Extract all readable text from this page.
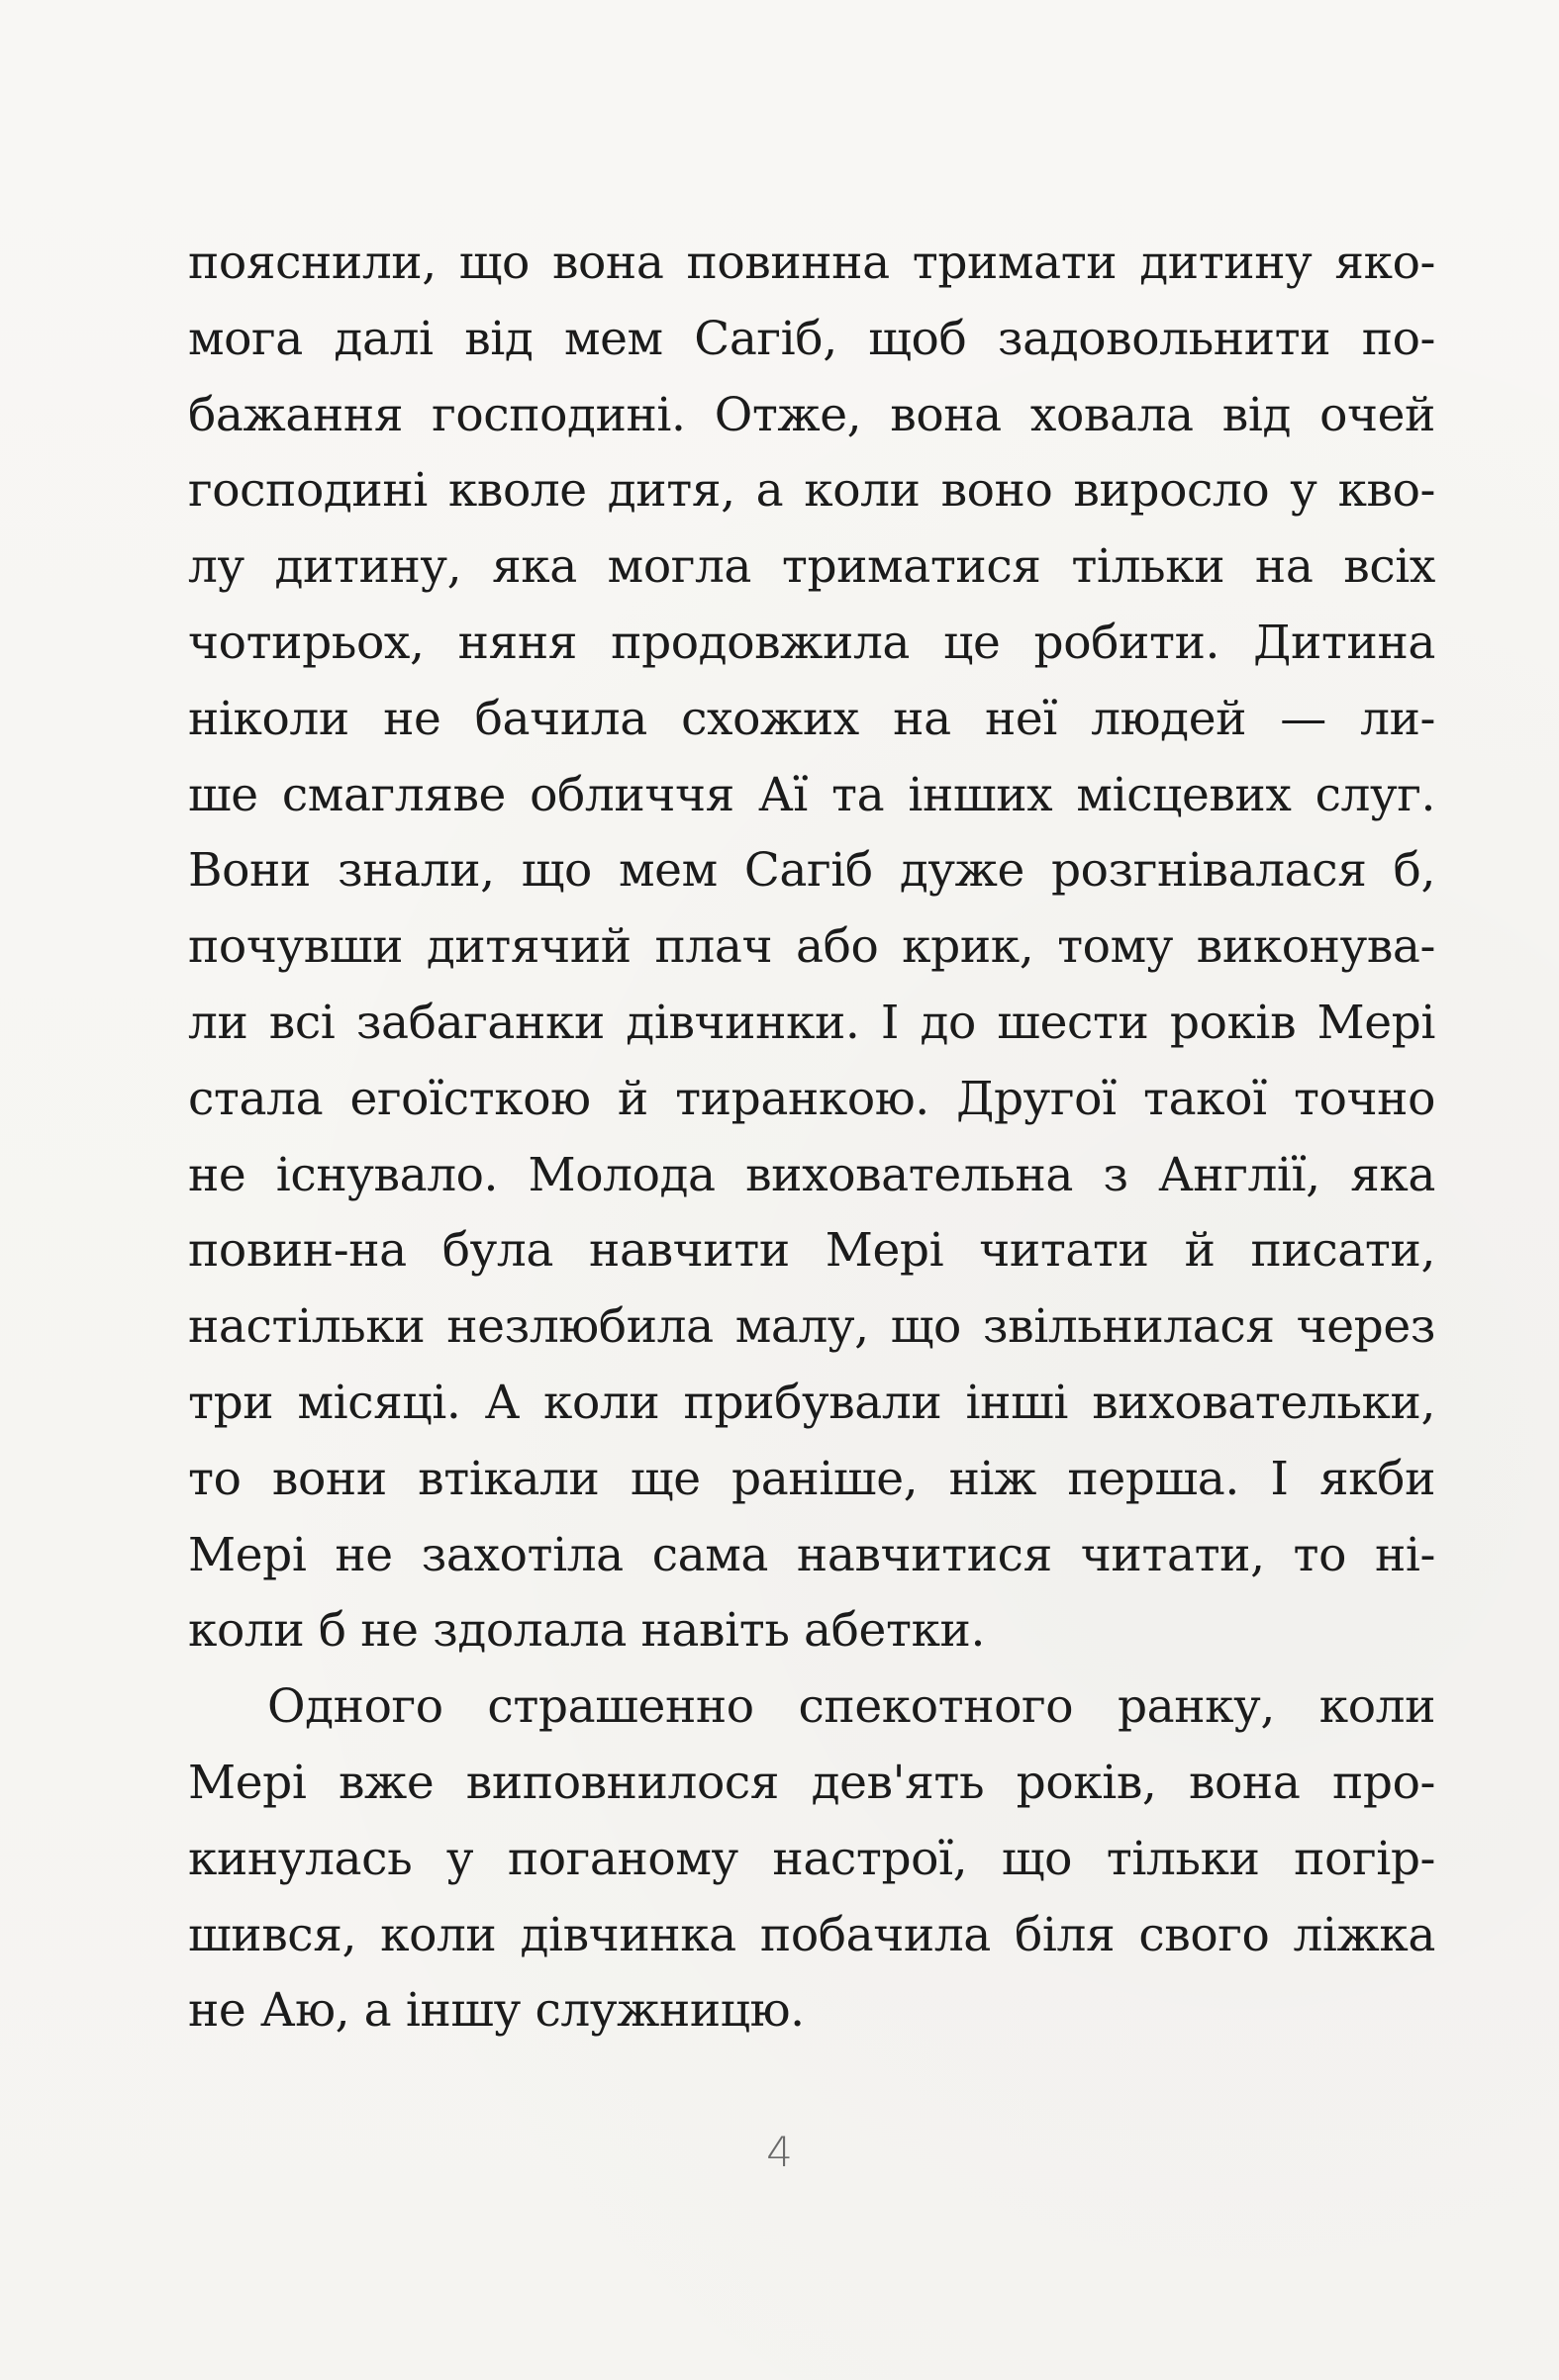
пояснили, що вона повинна тримати дитину яко-
мога далі від мем Сагіб, щоб задовольнити по-
бажання господині. Отже, вона ховала від очей
господині кволе дитя, а коли воно виросло у кво-
лу дитину, яка могла триматися тільки на всіх
чотирьох, няня продовжила це робити. Дитина
ніколи не бачила схожих на неї людей — ли-
ше смагляве обличчя Аї та інших місцевих слуг.
Вони знали, що мем Сагіб дуже розгнівалася б,
почувши дитячий плач або крик, тому виконува-
ли всі забаганки дівчинки. І до шести років Мері
стала егоїсткою й тиранкою. Другої такої точно
не існувало. Молода виховательна з Англії, яка
повин-на була навчити Мері читати й писати,
настільки незлюбила малу, що звільнилася через
три місяці. А коли прибували інші виховательки,
то вони втікали ще раніше, ніж перша. І якби
Мері не захотіла сама навчитися читати, то ні-
коли б не здолала навіть абетки.
Одного страшенно спекотного ранку, коли
Мері вже виповнилося дев'ять років, вона про-
кинулась у поганому настрої, що тільки погір-
шився, коли дівчинка побачила біля свого ліжка
не Аю, а іншу служницю.
4
